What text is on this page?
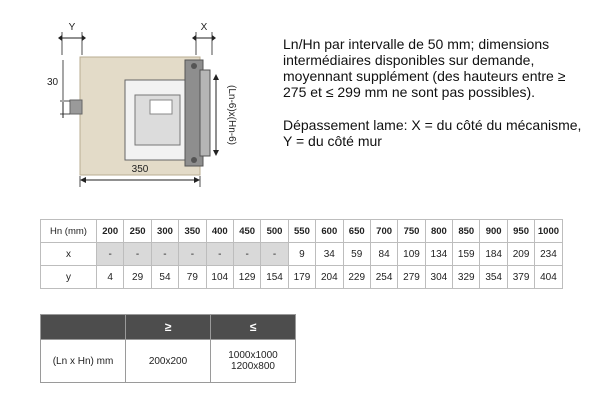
Y	X
30
350
(Ln-6)x(Hn-6)

Ln/Hn par intervalle de 50 mm; dimensions intermédiaires disponibles sur demande, moyennant supplément (des hauteurs entre ≥ 275 et ≤ 299 mm ne sont pas possibles).

Dépassement lame: X = du côté du mécanisme, Y = du côté mur

Hn (mm)	200	250	300	350	400	450	500	550	600	650	700	750	800	850	900	950	1000
x	-	-	-	-	-	-	-	9	34	59	84	109	134	159	184	209	234
y	4	29	54	79	104	129	154	179	204	229	254	279	304	329	354	379	404
	≥	≤
(Ln x Hn) mm	200x200	1000x1000
1200x800
